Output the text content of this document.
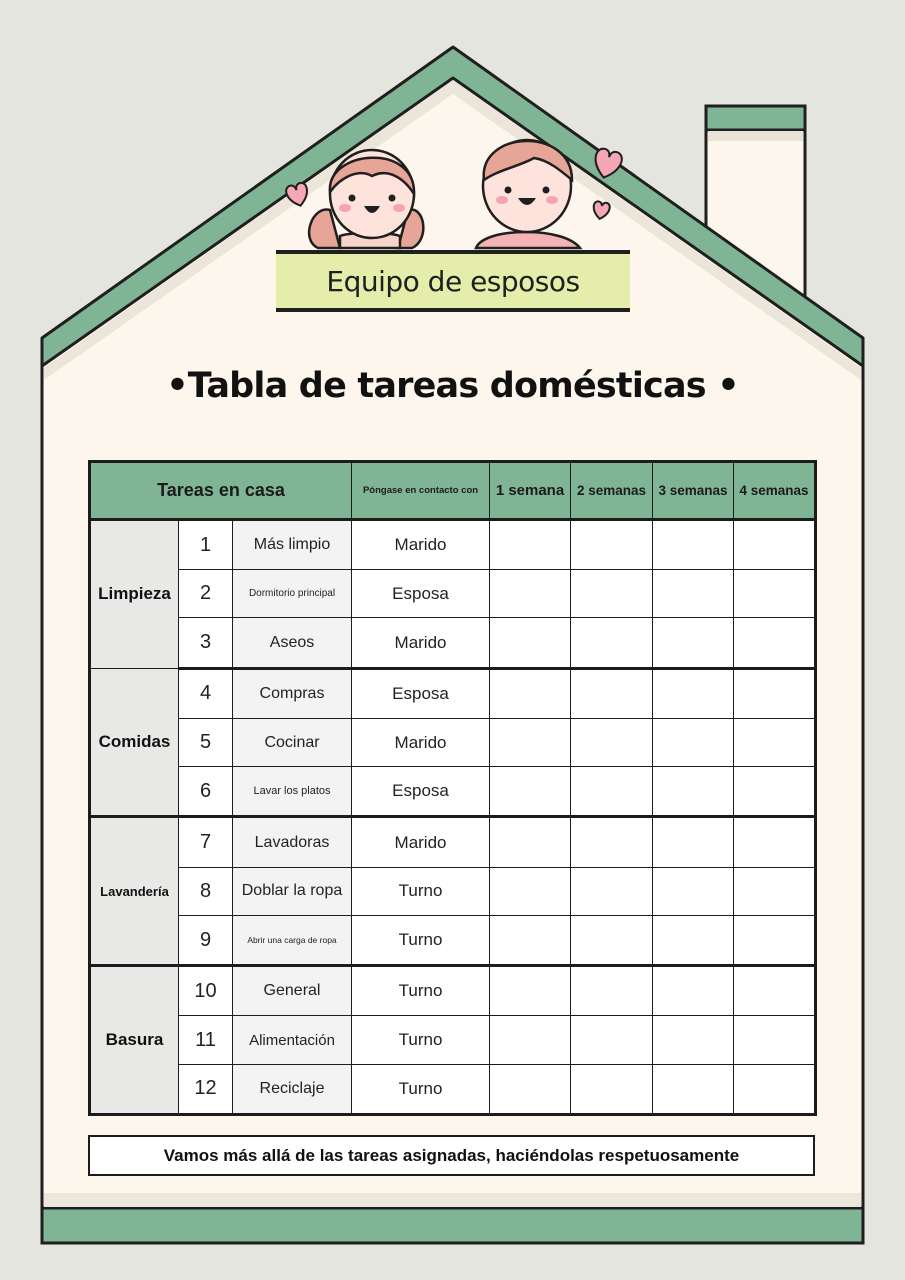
Equipo de esposos
•Tabla de tareas domésticas •
Tareas en casa			Póngase en contacto con	1 semana	2 semanas	3 semanas	4 semanas
Limpieza	1	Más limpio	Marido				
	2	Dormitorio principal	Esposa				
	3	Aseos	Marido				
Comidas	4	Compras	Esposa				
	5	Cocinar	Marido				
	6	Lavar los platos	Esposa				
Lavandería	7	Lavadoras	Marido				
	8	Doblar la ropa	Turno				
	9	Abrir una carga de ropa	Turno				
Basura	10	General	Turno				
	11	Alimentación	Turno				
	12	Reciclaje	Turno				
Vamos más allá de las tareas asignadas, haciéndolas respetuosamente
